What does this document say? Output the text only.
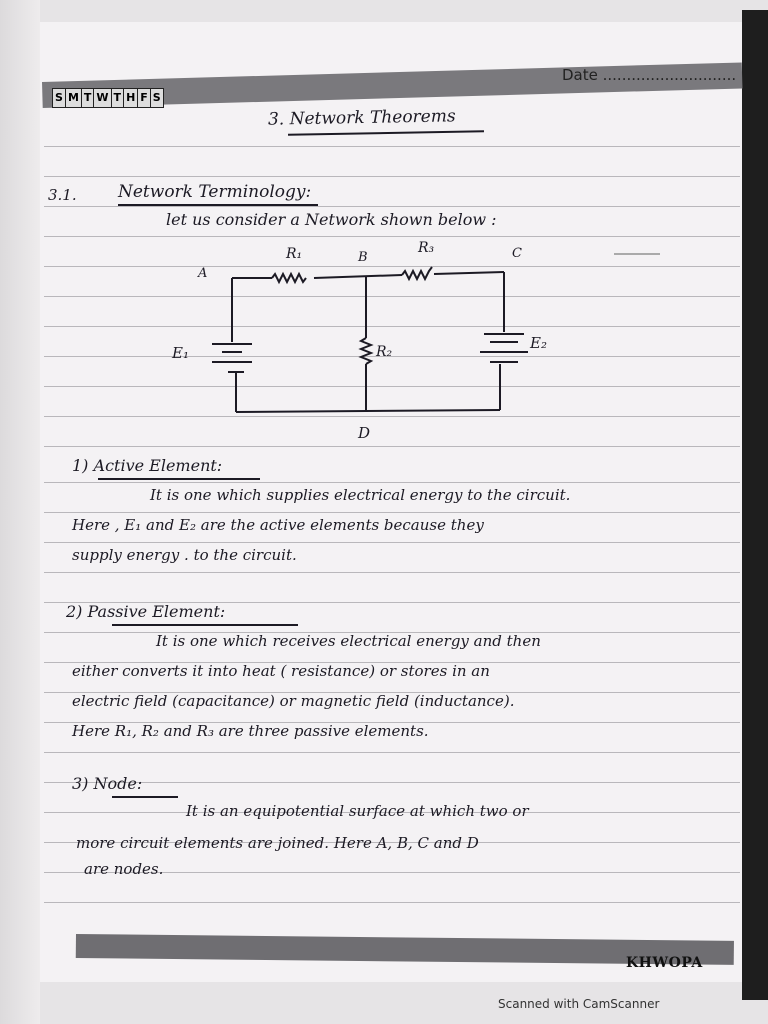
S M T W T H F S
Date ............................
3. Network Theorems
3.1. Network Terminology:
let us consider a Network shown below :
A
B	C
D
R₁	R₃
R₂
E₁
E₂
1) Active Element:
It is one which supplies electrical energy to the circuit.
Here , E₁ and E₂ are the active elements because they
supply energy . to the circuit.
2) Passive Element:
It is one which receives electrical energy and then
either converts it into heat ( resistance) or stores in an
electric field (capacitance) or magnetic field (inductance).
Here R₁, R₂ and R₃ are three passive elements.
3) Node:
It is an equipotential surface at which two or
more circuit elements are joined. Here A, B, C and D
are nodes.
KHWOPA
Scanned with CamScanner
